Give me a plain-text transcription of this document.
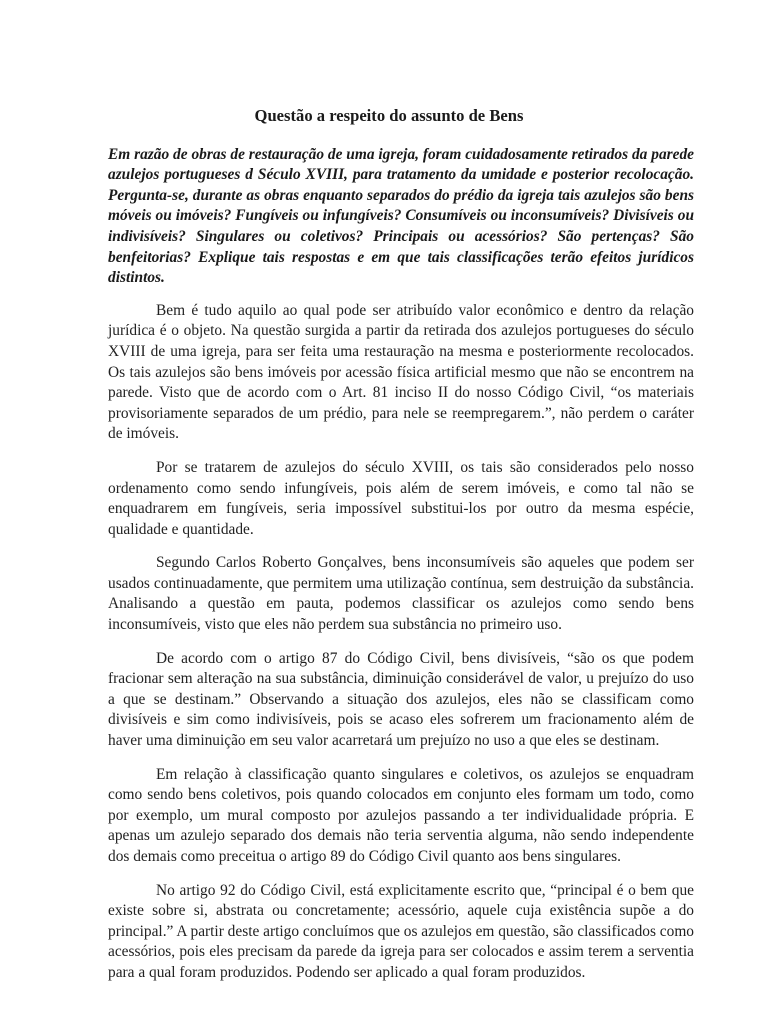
Questão a respeito do assunto de Bens

Em razão de obras de restauração de uma igreja, foram cuidadosamente retirados da parede azulejos portugueses d Século XVIII, para tratamento da umidade e posterior recolocação. Pergunta-se, durante as obras enquanto separados do prédio da igreja tais azulejos são bens móveis ou imóveis? Fungíveis ou infungíveis? Consumíveis ou inconsumíveis? Divisíveis ou indivisíveis? Singulares ou coletivos? Principais ou acessórios? São pertenças? São benfeitorias? Explique tais respostas e em que tais classificações terão efeitos jurídicos distintos.

Bem é tudo aquilo ao qual pode ser atribuído valor econômico e dentro da relação jurídica é o objeto. Na questão surgida a partir da retirada dos azulejos portugueses do século XVIII de uma igreja, para ser feita uma restauração na mesma e posteriormente recolocados. Os tais azulejos são bens imóveis por acessão física artificial mesmo que não se encontrem na parede. Visto que de acordo com o Art. 81 inciso II do nosso Código Civil, “os materiais provisoriamente separados de um prédio, para nele se reempregarem.”, não perdem o caráter de imóveis.

Por se tratarem de azulejos do século XVIII, os tais são considerados pelo nosso ordenamento como sendo infungíveis, pois além de serem imóveis, e como tal não se enquadrarem em fungíveis, seria impossível substitui-los por outro da mesma espécie, qualidade e quantidade.

Segundo Carlos Roberto Gonçalves, bens inconsumíveis são aqueles que podem ser usados continuadamente, que permitem uma utilização contínua, sem destruição da substância. Analisando a questão em pauta, podemos classificar os azulejos como sendo bens inconsumíveis, visto que eles não perdem sua substância no primeiro uso.

De acordo com o artigo 87 do Código Civil, bens divisíveis, “são os que podem fracionar sem alteração na sua substância, diminuição considerável de valor, u prejuízo do uso a que se destinam.” Observando a situação dos azulejos, eles não se classificam como divisíveis e sim como indivisíveis, pois se acaso eles sofrerem um fracionamento além de haver uma diminuição em seu valor acarretará um prejuízo no uso a que eles se destinam.

Em relação à classificação quanto singulares e coletivos, os azulejos se enquadram como sendo bens coletivos, pois quando colocados em conjunto eles formam um todo, como por exemplo, um mural composto por azulejos passando a ter individualidade própria. E apenas um azulejo separado dos demais não teria serventia alguma, não sendo independente dos demais como preceitua o artigo 89 do Código Civil quanto aos bens singulares.

No artigo 92 do Código Civil, está explicitamente escrito que, “principal é o bem que existe sobre si, abstrata ou concretamente; acessório, aquele cuja existência supõe a do principal.” A partir deste artigo concluímos que os azulejos em questão, são classificados como acessórios, pois eles precisam da parede da igreja para ser colocados e assim terem a serventia para a qual foram produzidos. Podendo ser aplicado a qual foram produzidos.
